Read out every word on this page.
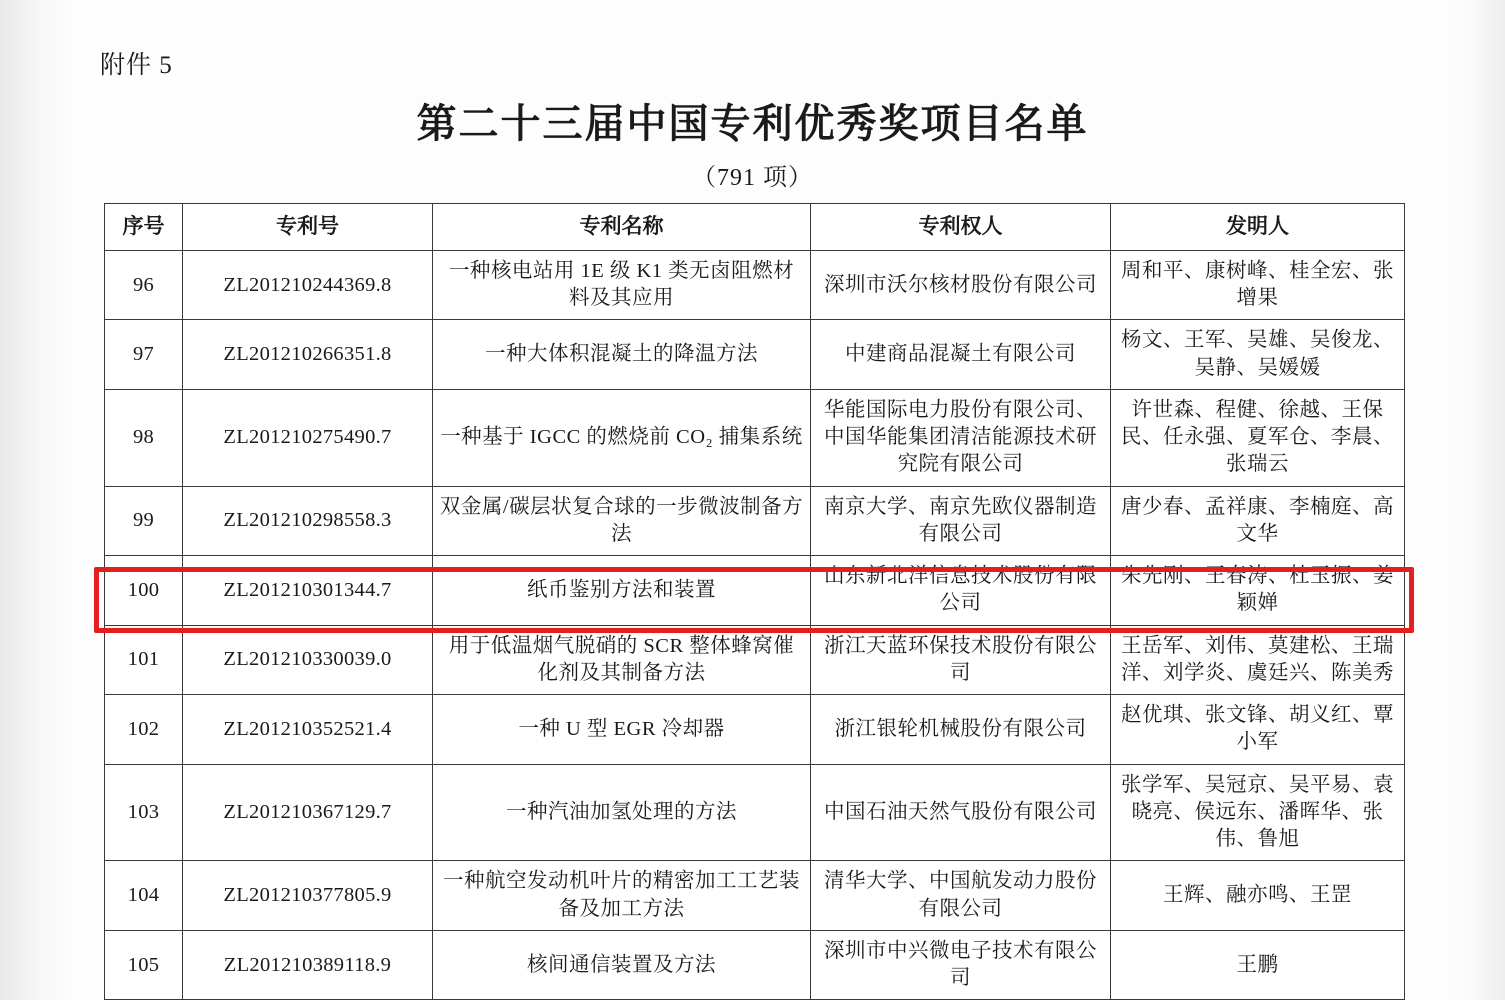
附件 5
第二十三届中国专利优秀奖项目名单
（791 项）
序号	专利号	专利名称	专利权人	发明人
96	ZL201210244369.8	一种核电站用 1E 级 K1 类无卤阻燃材料及其应用	深圳市沃尔核材股份有限公司	周和平、康树峰、桂全宏、张增果
97	ZL201210266351.8	一种大体积混凝土的降温方法	中建商品混凝土有限公司	杨文、王军、吴雄、吴俊龙、吴静、吴媛媛
98	ZL201210275490.7	一种基于 IGCC 的燃烧前 CO₂ 捕集系统	华能国际电力股份有限公司、中国华能集团清洁能源技术研究院有限公司	许世森、程健、徐越、王保民、任永强、夏军仓、李晨、张瑞云
99	ZL201210298558.3	双金属/碳层状复合球的一步微波制备方法	南京大学、南京先欧仪器制造有限公司	唐少春、孟祥康、李楠庭、高文华
100	ZL201210301344.7	纸币鉴别方法和装置	山东新北洋信息技术股份有限公司	朱先刚、王春涛、杜玉振、姜颖婵
101	ZL201210330039.0	用于低温烟气脱硝的 SCR 整体蜂窝催化剂及其制备方法	浙江天蓝环保技术股份有限公司	王岳军、刘伟、莫建松、王瑞洋、刘学炎、虞廷兴、陈美秀
102	ZL201210352521.4	一种 U 型 EGR 冷却器	浙江银轮机械股份有限公司	赵优琪、张文锋、胡义红、覃小军
103	ZL201210367129.7	一种汽油加氢处理的方法	中国石油天然气股份有限公司	张学军、吴冠京、吴平易、袁晓亮、侯远东、潘晖华、张伟、鲁旭
104	ZL201210377805.9	一种航空发动机叶片的精密加工工艺装备及加工方法	清华大学、中国航发动力股份有限公司	王辉、融亦鸣、王罡
105	ZL201210389118.9	核间通信装置及方法	深圳市中兴微电子技术有限公司	王鹏
